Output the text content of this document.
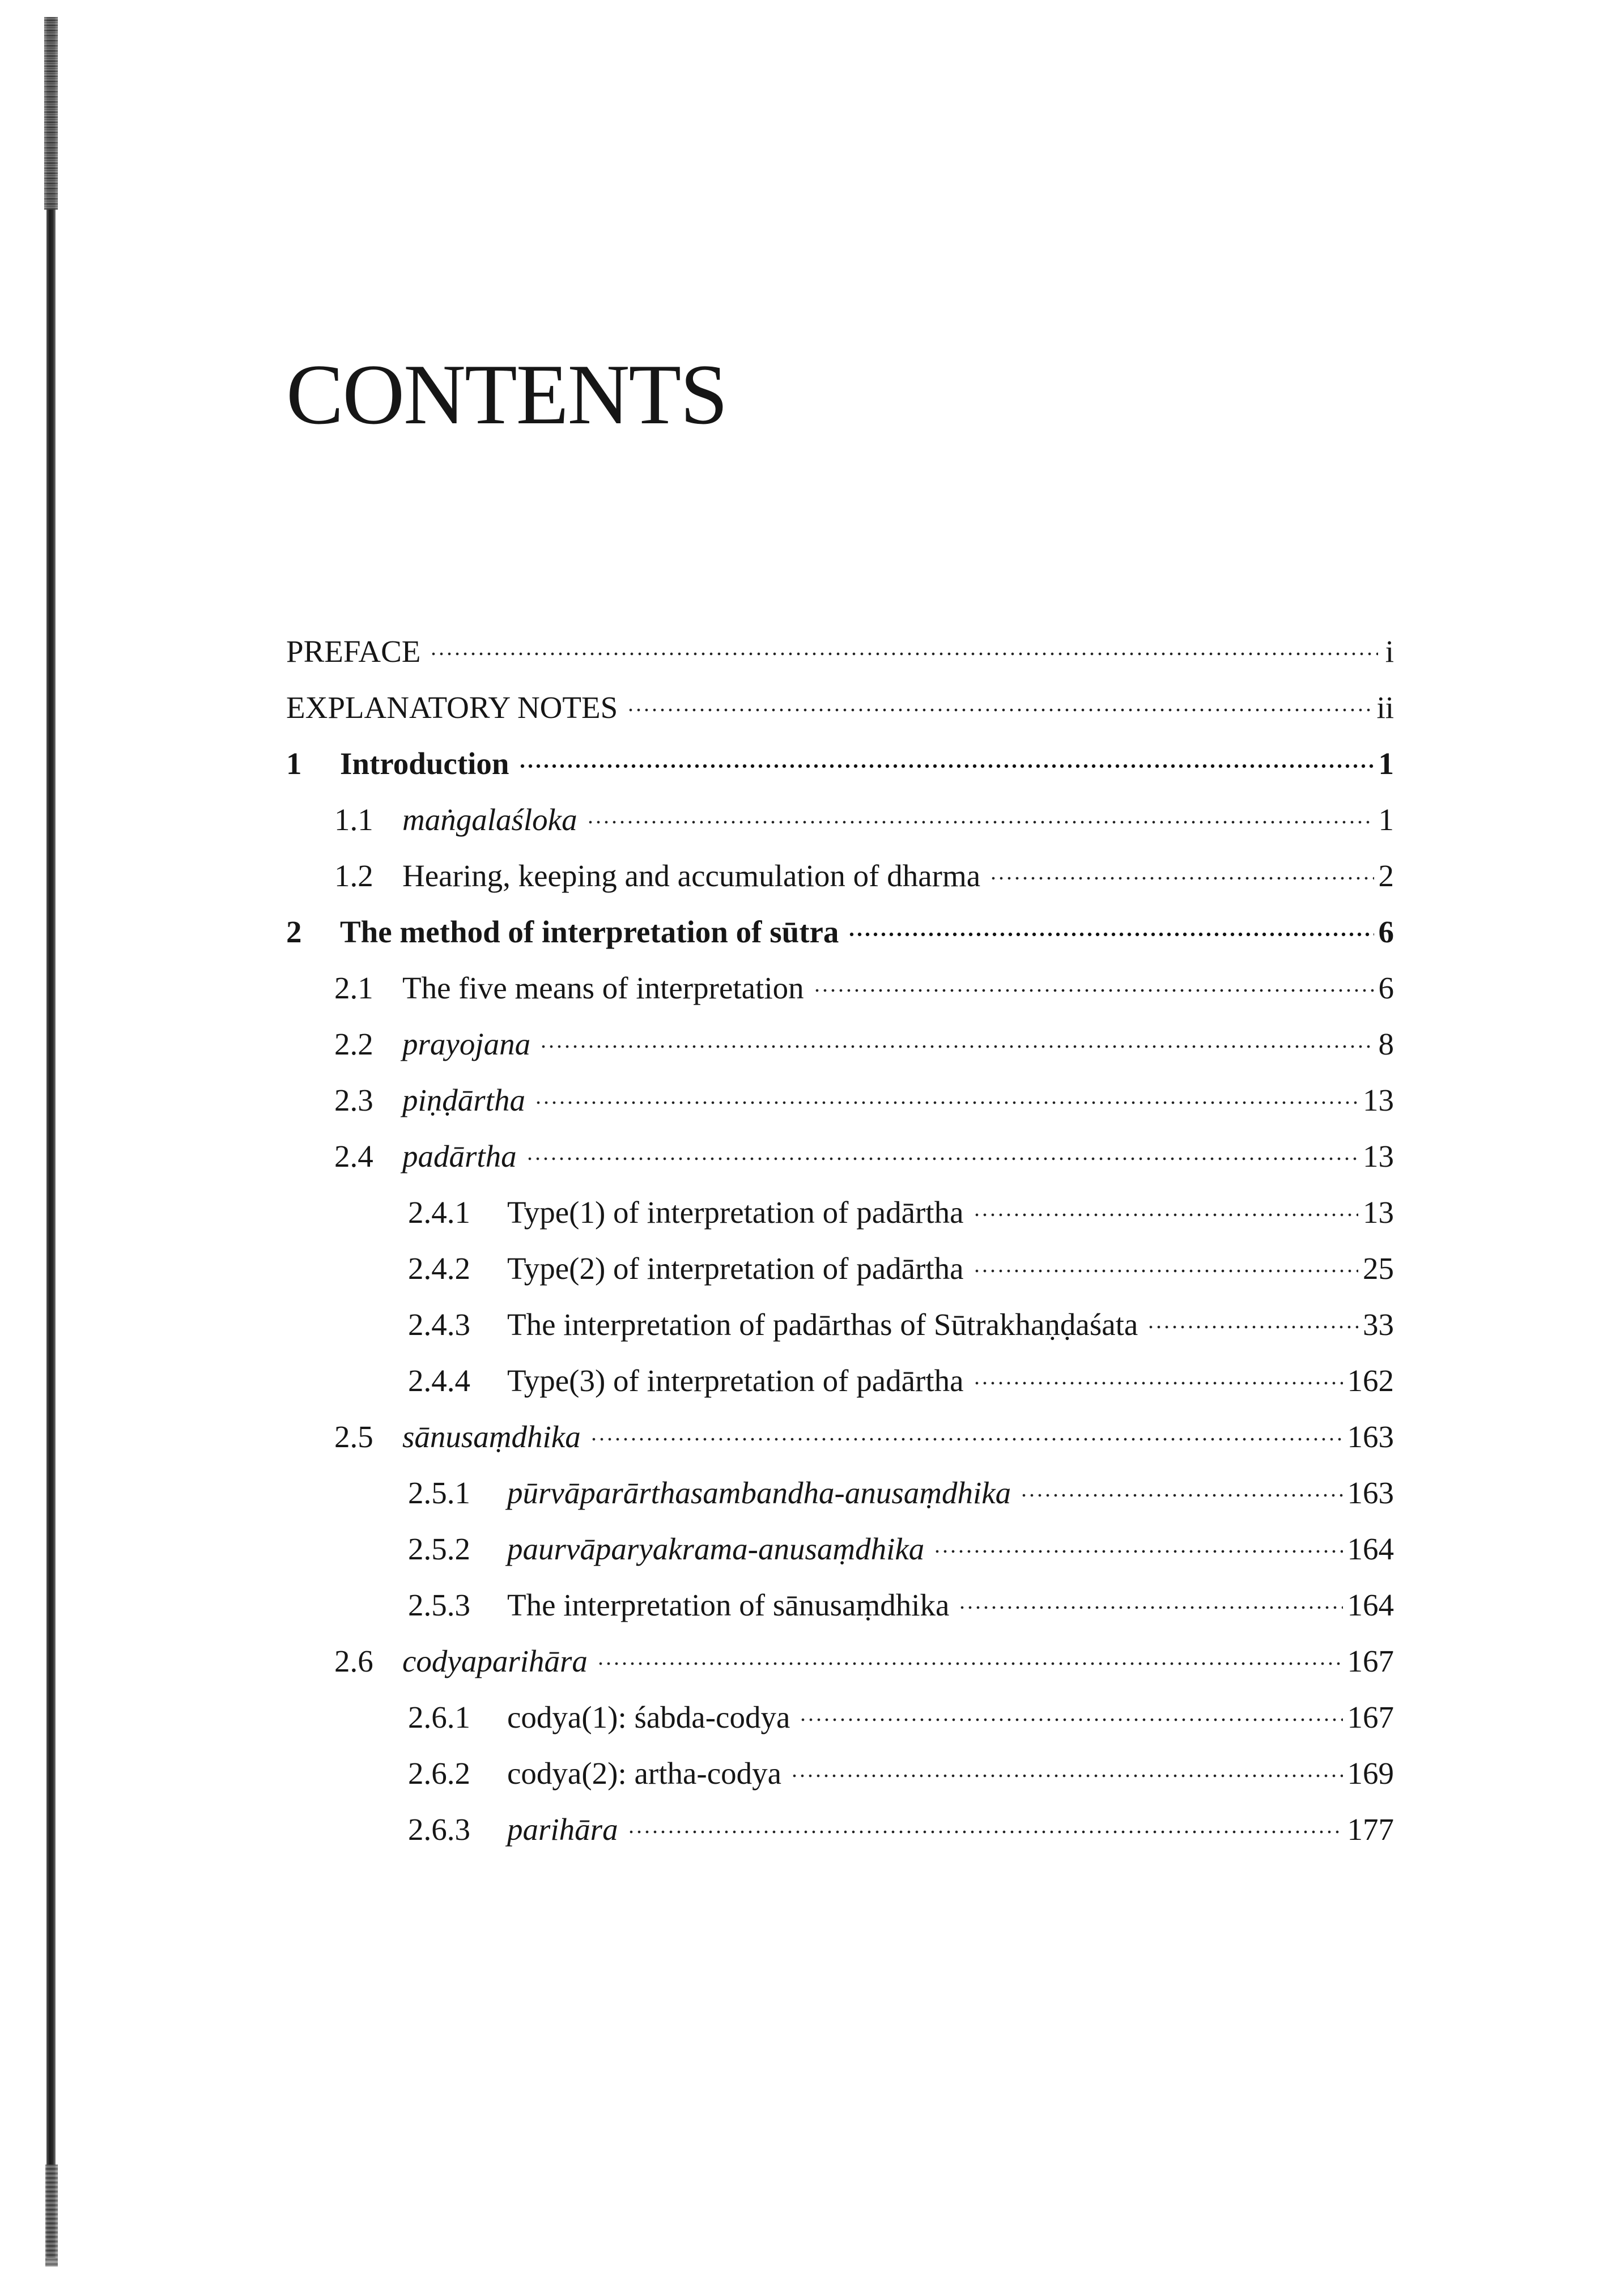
CONTENTS
PREFACE	i
EXPLANATORY NOTES	ii
1	Introduction	1
1.1 maṅgalaśloka	1
1.2 Hearing, keeping and accumulation of dharma	2
2	The method of interpretation of sūtra	6
2.1 The five means of interpretation	6
2.2 prayojana	8
2.3 piṇḍārtha	13
2.4 padārtha	13
2.4.1	Type(1) of interpretation of padārtha	13
2.4.2	Type(2) of interpretation of padārtha	25
2.4.3	The interpretation of padārthas of Sūtrakhaṇḍaśata	33
2.4.4	Type(3) of interpretation of padārtha	162
2.5 sānusaṃdhika	163
2.5.1	pūrvāparārthasambandha-anusaṃdhika	163
2.5.2	paurvāparyakrama-anusaṃdhika	164
2.5.3	The interpretation of sānusaṃdhika	164
2.6 codyaparihāra	167
2.6.1	codya(1): śabda-codya	167
2.6.2	codya(2): artha-codya	169
2.6.3	parihāra	177
